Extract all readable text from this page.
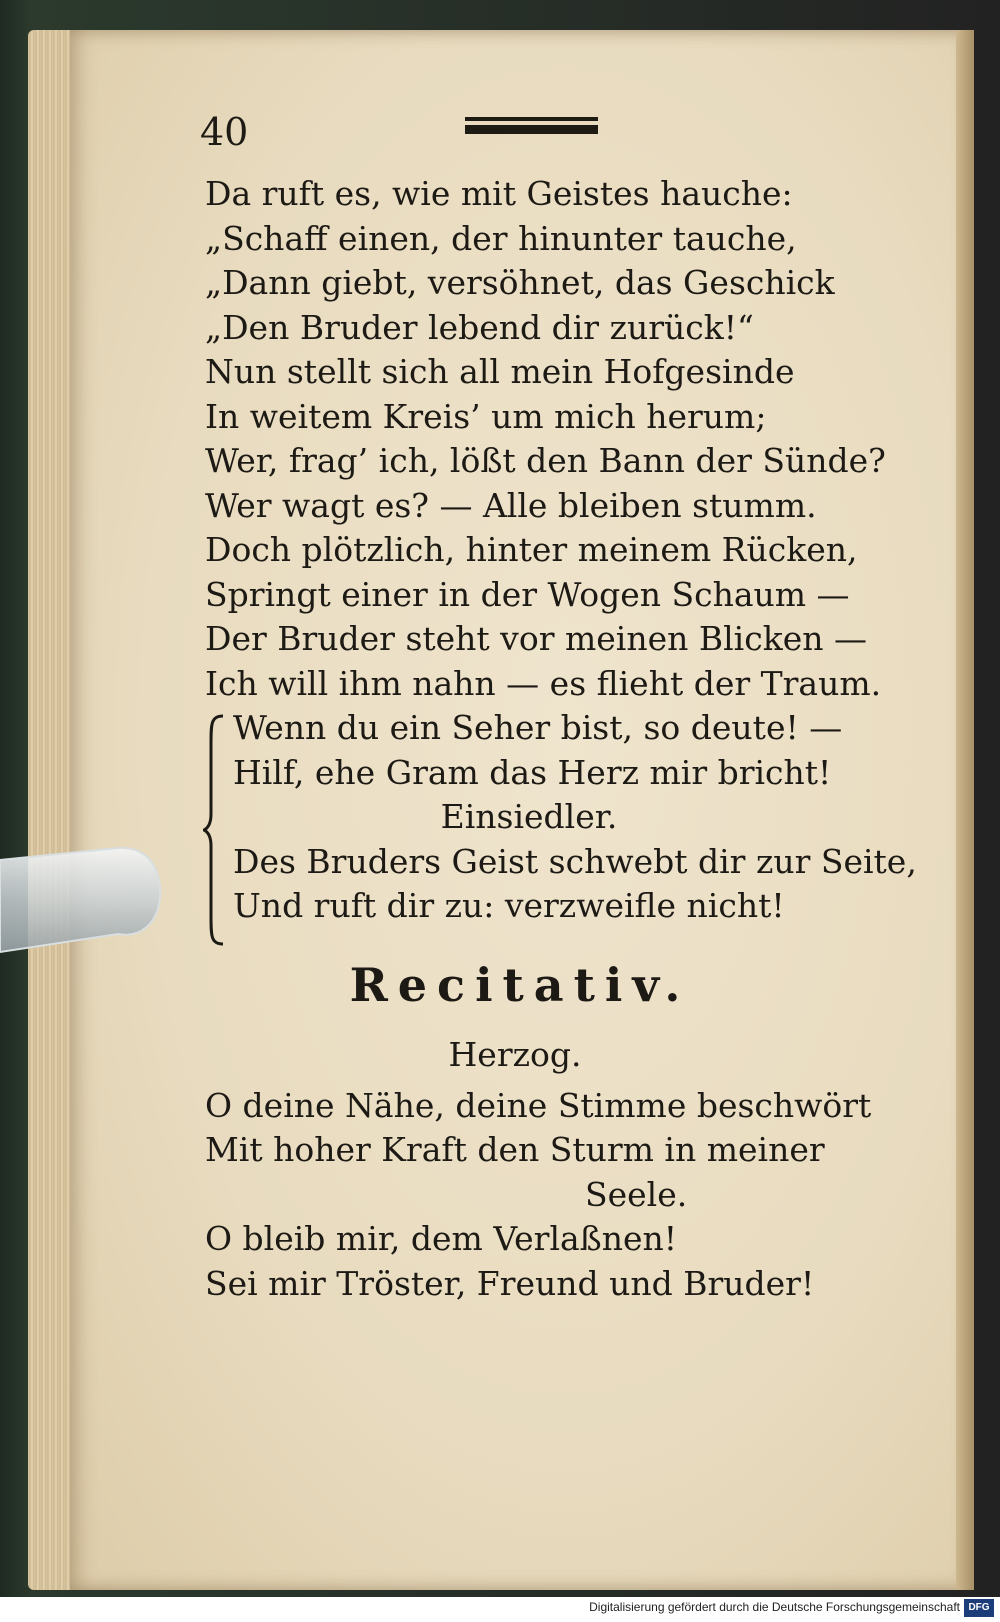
40
Da ruft es, wie mit Geistes hauche:
„Schaff einen, der hinunter tauche,
„Dann giebt, versöhnet, das Geschick
„Den Bruder lebend dir zurück!“
Nun stellt sich all mein Hofgesinde
In weitem Kreis’ um mich herum;
Wer, frag’ ich, lößt den Bann der Sünde?
Wer wagt es? — Alle bleiben stumm.
Doch plötzlich, hinter meinem Rücken,
Springt einer in der Wogen Schaum —
Der Bruder steht vor meinen Blicken —
Ich will ihm nahn — es flieht der Traum.
Wenn du ein Seher bist, so deute! —
Hilf, ehe Gram das Herz mir bricht!
Einsiedler.
Des Bruders Geist schwebt dir zur Seite,
Und ruft dir zu: verzweifle nicht!
Recitativ.
Herzog.
O deine Nähe, deine Stimme beschwört
Mit hoher Kraft den Sturm in meiner
Seele.
O bleib mir, dem Verlaßnen!
Sei mir Tröster, Freund und Bruder!
Digitalisierung gefördert durch die Deutsche Forschungsgemeinschaft DFG
